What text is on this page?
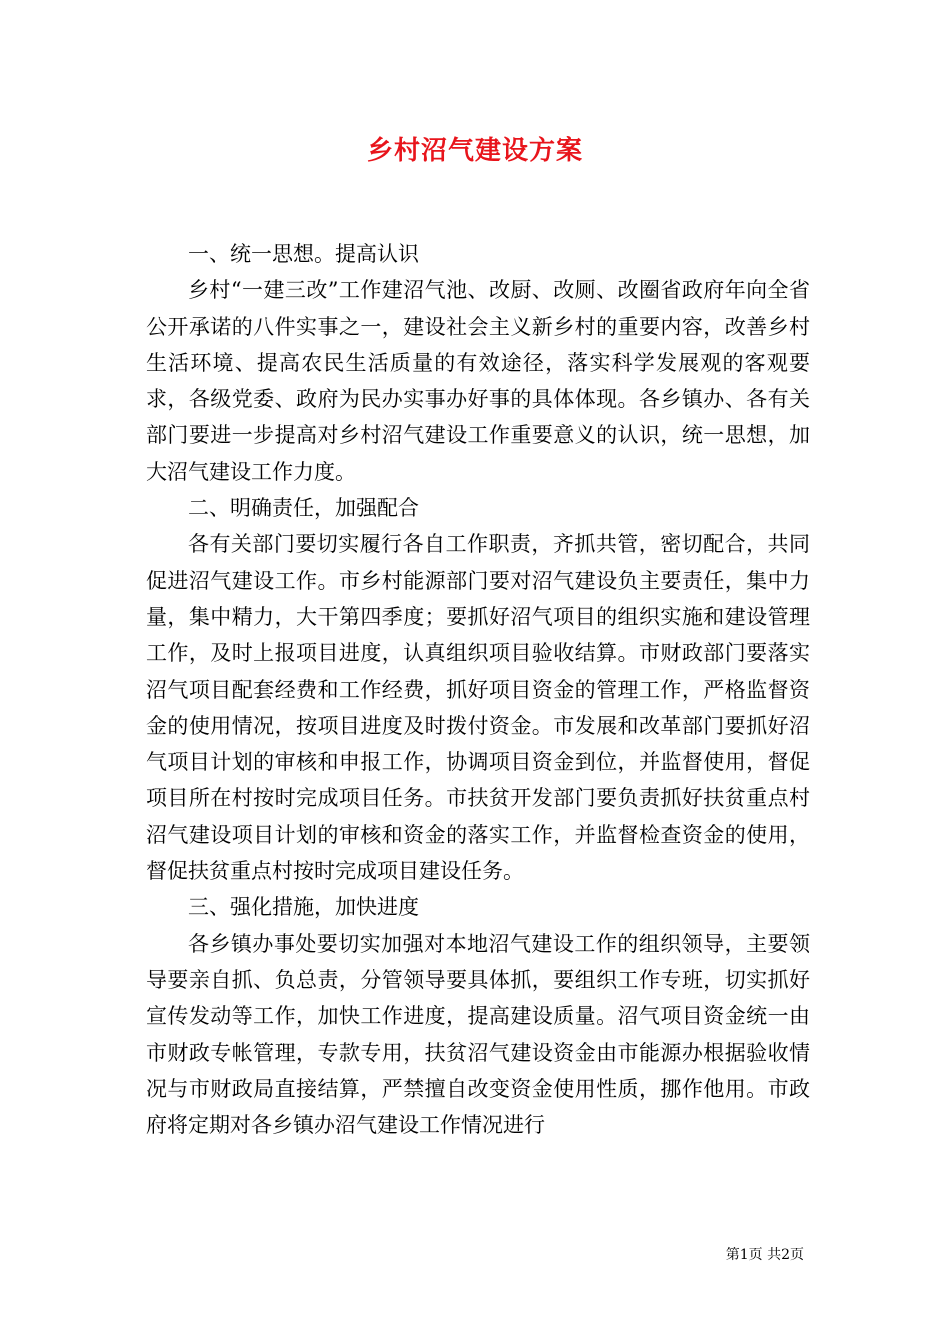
乡村沼气建设方案

一、统一思想。提高认识

乡村“一建三改”工作建沼气池、改厨、改厕、改圈省政府年向全省公开承诺的八件实事之一，建设社会主义新乡村的重要内容，改善乡村生活环境、提高农民生活质量的有效途径，落实科学发展观的客观要求，各级党委、政府为民办实事办好事的具体体现。各乡镇办、各有关部门要进一步提高对乡村沼气建设工作重要意义的认识，统一思想，加大沼气建设工作力度。

二、明确责任，加强配合

各有关部门要切实履行各自工作职责，齐抓共管，密切配合，共同促进沼气建设工作。市乡村能源部门要对沼气建设负主要责任，集中力量，集中精力，大干第四季度；要抓好沼气项目的组织实施和建设管理工作，及时上报项目进度，认真组织项目验收结算。市财政部门要落实沼气项目配套经费和工作经费，抓好项目资金的管理工作，严格监督资金的使用情况，按项目进度及时拨付资金。市发展和改革部门要抓好沼气项目计划的审核和申报工作，协调项目资金到位，并监督使用，督促项目所在村按时完成项目任务。市扶贫开发部门要负责抓好扶贫重点村沼气建设项目计划的审核和资金的落实工作，并监督检查资金的使用，督促扶贫重点村按时完成项目建设任务。

三、强化措施，加快进度

各乡镇办事处要切实加强对本地沼气建设工作的组织领导，主要领导要亲自抓、负总责，分管领导要具体抓，要组织工作专班，切实抓好宣传发动等工作，加快工作进度，提高建设质量。沼气项目资金统一由市财政专帐管理，专款专用，扶贫沼气建设资金由市能源办根据验收情况与市财政局直接结算，严禁擅自改变资金使用性质，挪作他用。市政府将定期对各乡镇办沼气建设工作情况进行

第1页 共2页
